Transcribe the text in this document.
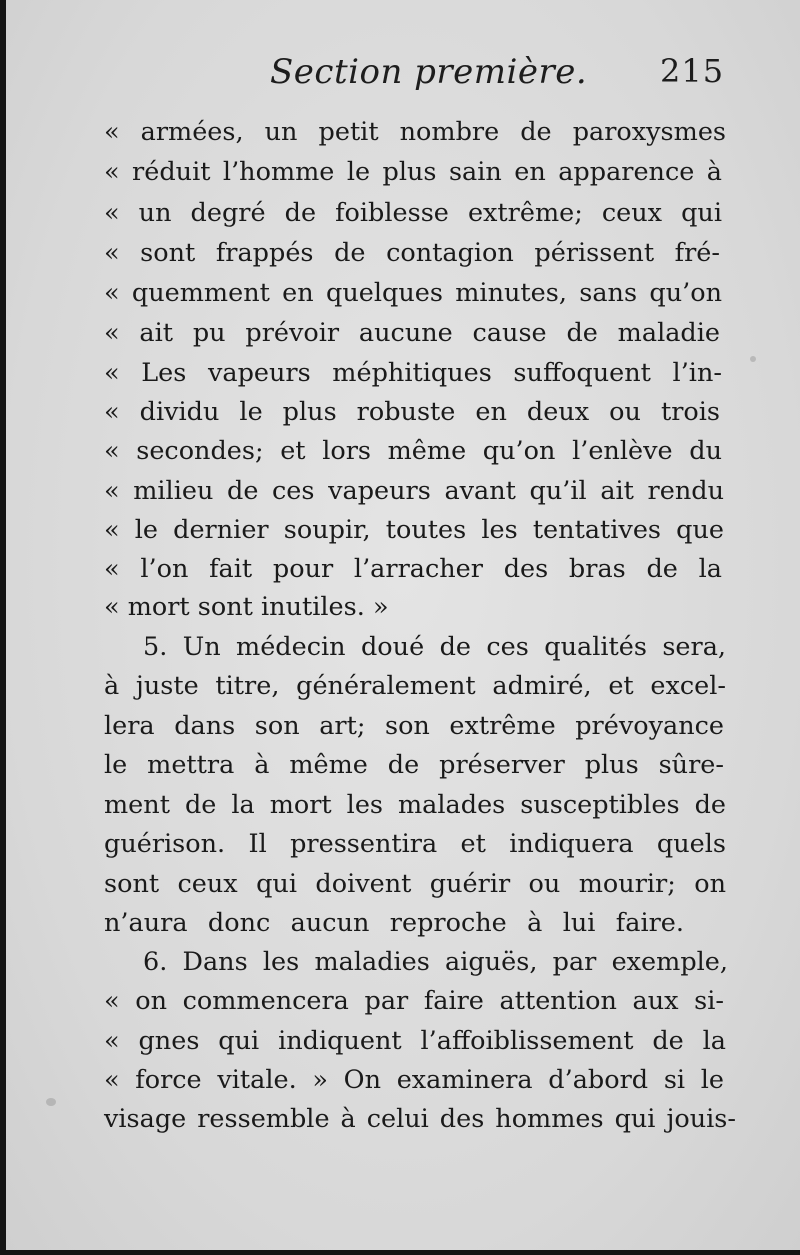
Section première. 215
« armées, un petit nombre de paroxysmes
« réduit l’homme le plus sain en apparence à
« un degré de foiblesse extrême; ceux qui
« sont frappés de contagion périssent fré-
« quemment en quelques minutes, sans qu’on
« ait pu prévoir aucune cause de maladie
« Les vapeurs méphitiques suffoquent l’in-
« dividu le plus robuste en deux ou trois
« secondes; et lors même qu’on l’enlève du
« milieu de ces vapeurs avant qu’il ait rendu
« le dernier soupir, toutes les tentatives que
« l’on fait pour l’arracher des bras de la
« mort sont inutiles. »
5. Un médecin doué de ces qualités sera,
à juste titre, généralement admiré, et excel-
lera dans son art; son extrême prévoyance
le mettra à même de préserver plus sûre-
ment de la mort les malades susceptibles de
guérison. Il pressentira et indiquera quels
sont ceux qui doivent guérir ou mourir; on
n’aura donc aucun reproche à lui faire.
6. Dans les maladies aiguës, par exemple,
« on commencera par faire attention aux si-
« gnes qui indiquent l’affoiblissement de la
« force vitale. » On examinera d’abord si le
visage ressemble à celui des hommes qui jouis-
